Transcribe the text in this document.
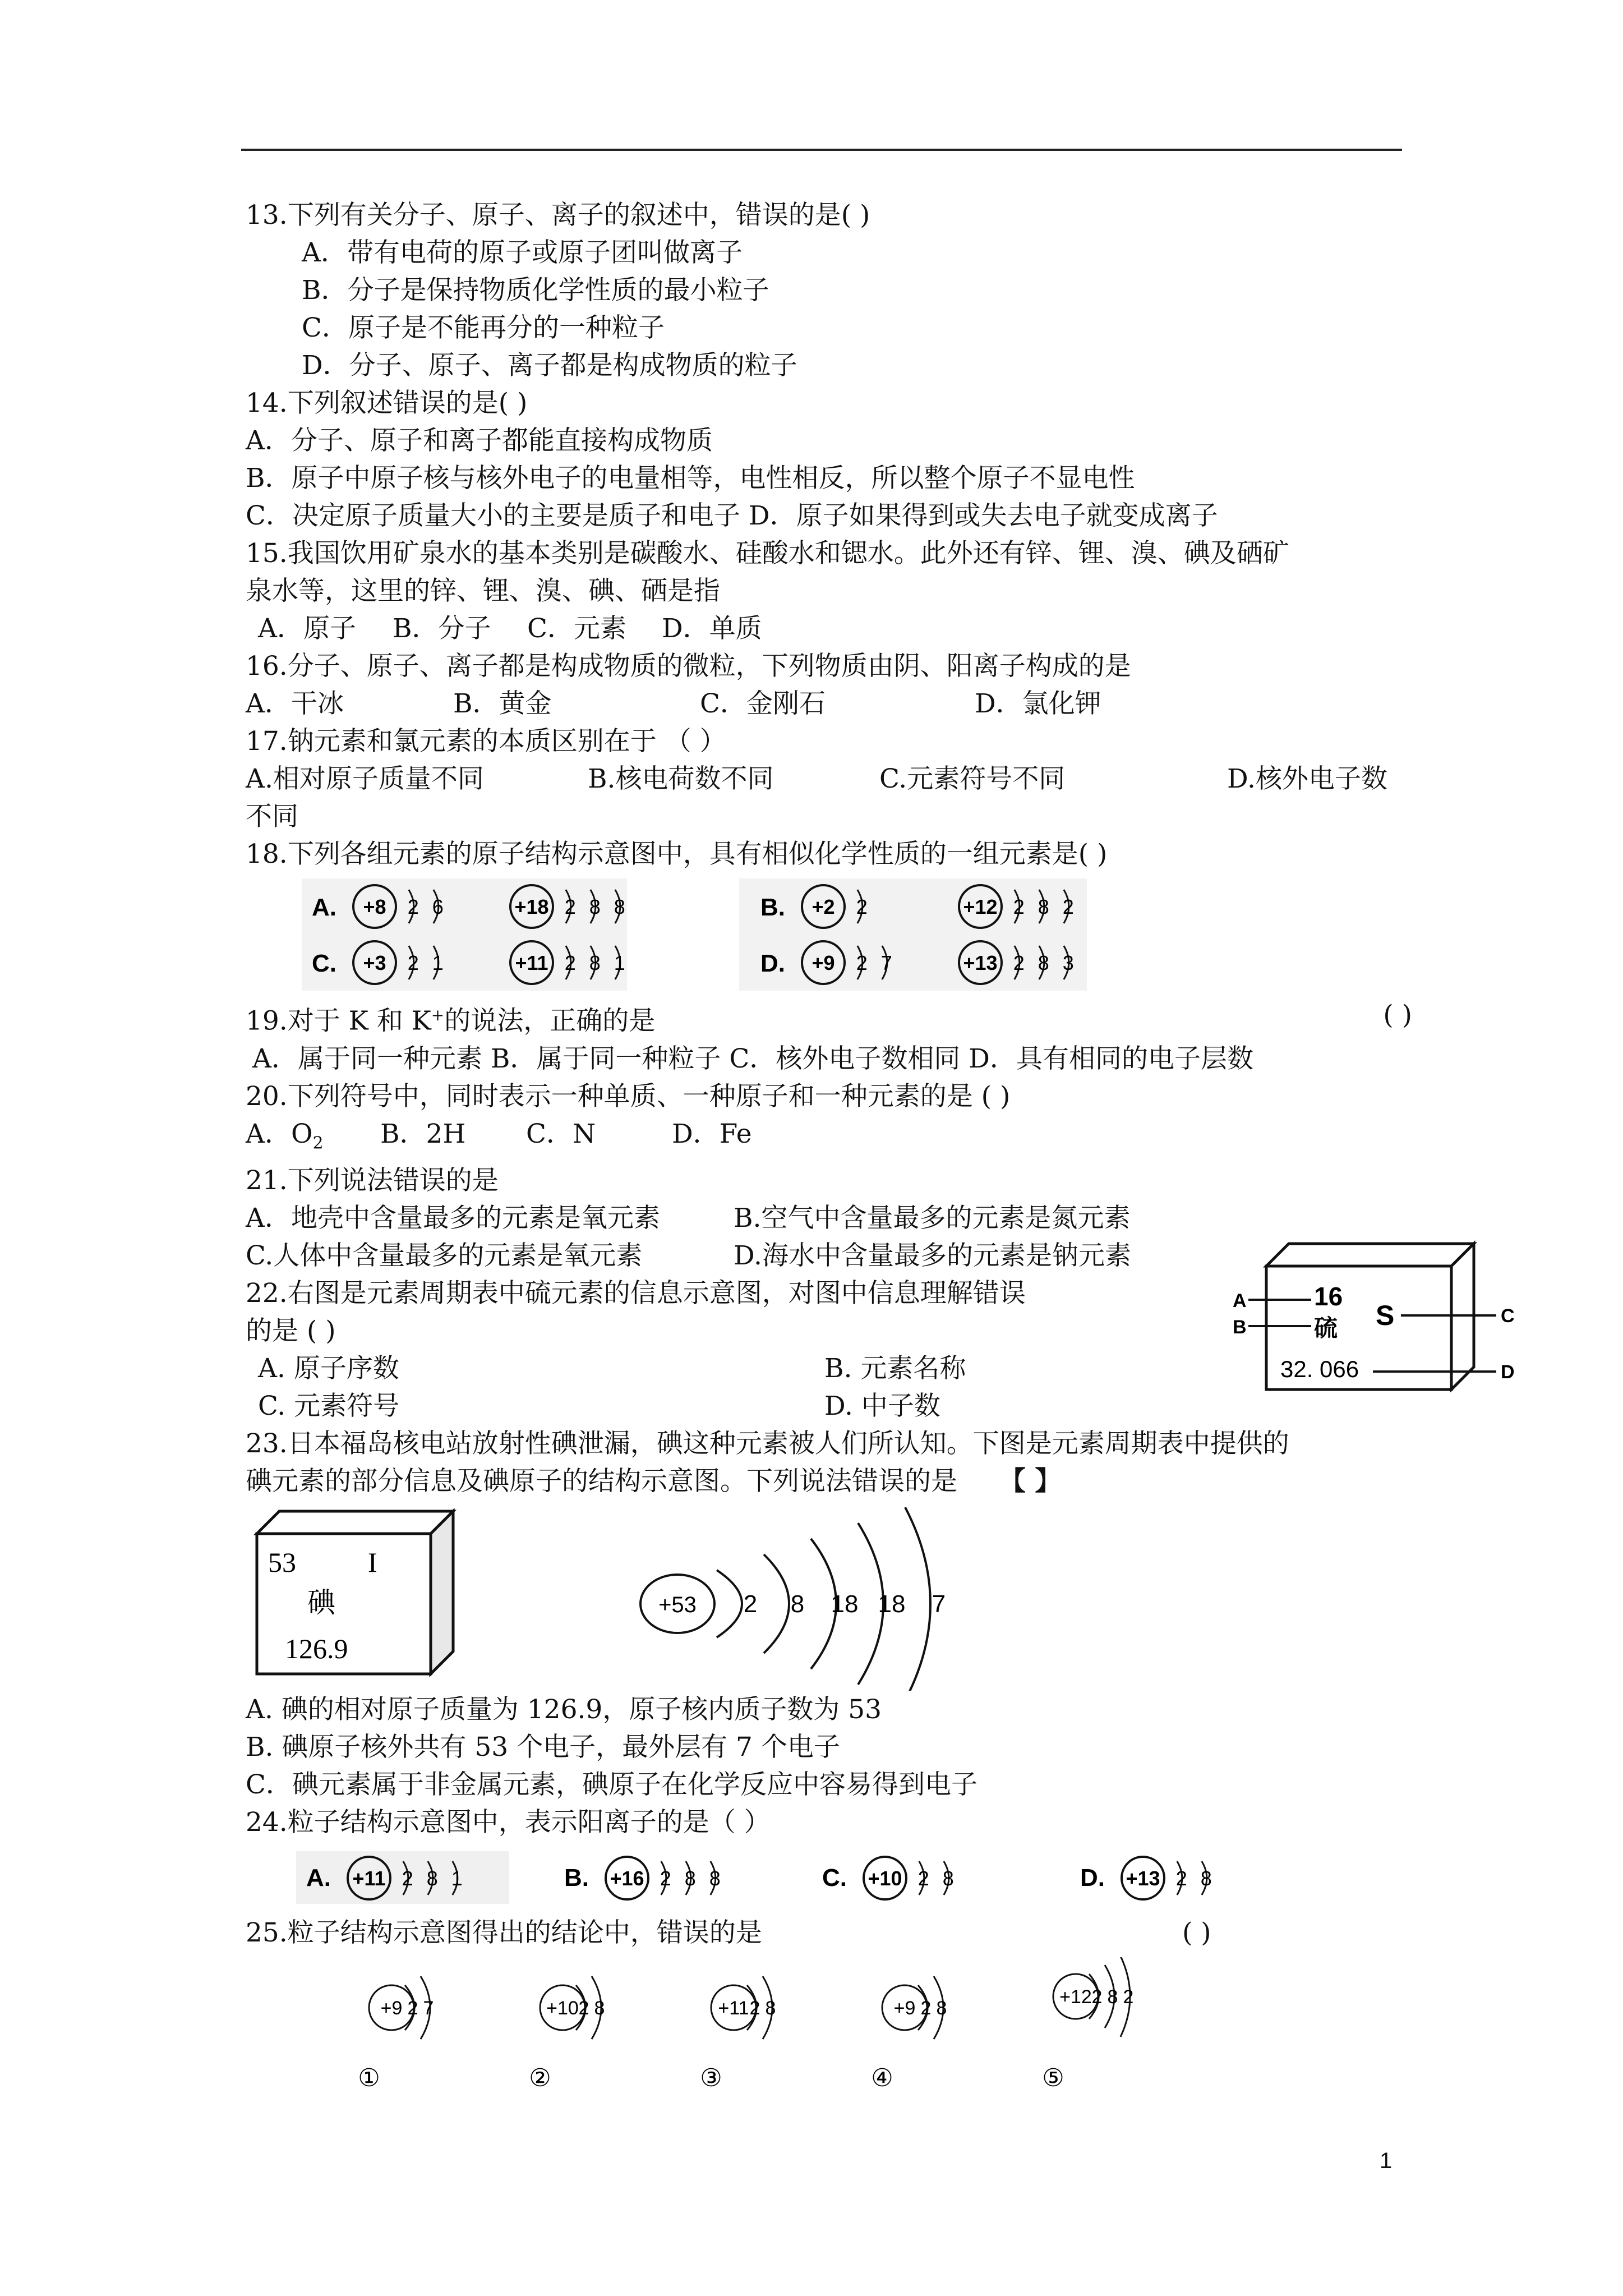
13.下列有关分子、原子、离子的叙述中，错误的是( )
A．带有电荷的原子或原子团叫做离子
B．分子是保持物质化学性质的最小粒子
C．原子是不能再分的一种粒子
D．分子、原子、离子都是构成物质的粒子
14.下列叙述错误的是( )
A．分子、原子和离子都能直接构成物质
B．原子中原子核与核外电子的电量相等，电性相反，所以整个原子不显电性
C．决定原子质量大小的主要是质子和电子 D．原子如果得到或失去电子就变成离子
15.我国饮用矿泉水的基本类别是碳酸水、硅酸水和锶水。此外还有锌、锂、溴、碘及硒矿
泉水等，这里的锌、锂、溴、碘、硒是指
A．原子 B．分子 C．元素 D．单质
16.分子、原子、离子都是构成物质的微粒，下列物质由阴、阳离子构成的是
A．干冰	B．黄金	C．金刚石	D．氯化钾
17.钠元素和氯元素的本质区别在于 （ ）
A.相对原子质量不同	B.核电荷数不同	C.元素符号不同	D.核外电子数
不同
18.下列各组元素的原子结构示意图中，具有相似化学性质的一组元素是( )
A. +8 2 6	+18 2 8 8	B. +2 2	+12 2 8 2
C. +3 2 1	+11 2 8 1	D. +9 2 7	+13 2 8 3
19.对于 K 和 K+的说法，正确的是	( )
A．属于同一种元素 B．属于同一种粒子 C．核外电子数相同 D．具有相同的电子层数
20.下列符号中，同时表示一种单质、一种原子和一种元素的是 ( )
A．$O_2$ B．2H C．N	D．Fe
21.下列说法错误的是
A．地壳中含量最多的元素是氧元素	B.空气中含量最多的元素是氮元素
C.人体中含量最多的元素是氧元素	D.海水中含量最多的元素是钠元素
22.右图是元素周期表中硫元素的信息示意图，对图中信息理解错误
的是 ( )
A. 原子序数	B. 元素名称
C. 元素符号	D. 中子数
16
硫 S
32. 066
A
B
C
D
23.日本福岛核电站放射性碘泄漏，碘这种元素被人们所认知。下图是元素周期表中提供的
碘元素的部分信息及碘原子的结构示意图。下列说法错误的是 【 】
53	I
碘
126.9
+53 2 8 18 18 7
A. 碘的相对原子质量为 126.9，原子核内质子数为 53
B. 碘原子核外共有 53 个电子，最外层有 7 个电子
C．碘元素属于非金属元素，碘原子在化学反应中容易得到电子
24.粒子结构示意图中，表示阳离子的是（ ）
A. +11 2 8 1	B. +16 2 8 8	C. +10 2 8	D. +13 2 8
25.粒子结构示意图得出的结论中，错误的是	( )
+9 2 7
①
+10 2 8
②
+11 2 8
③
+9 2 8
④
+12 2 8 2
⑤
1
